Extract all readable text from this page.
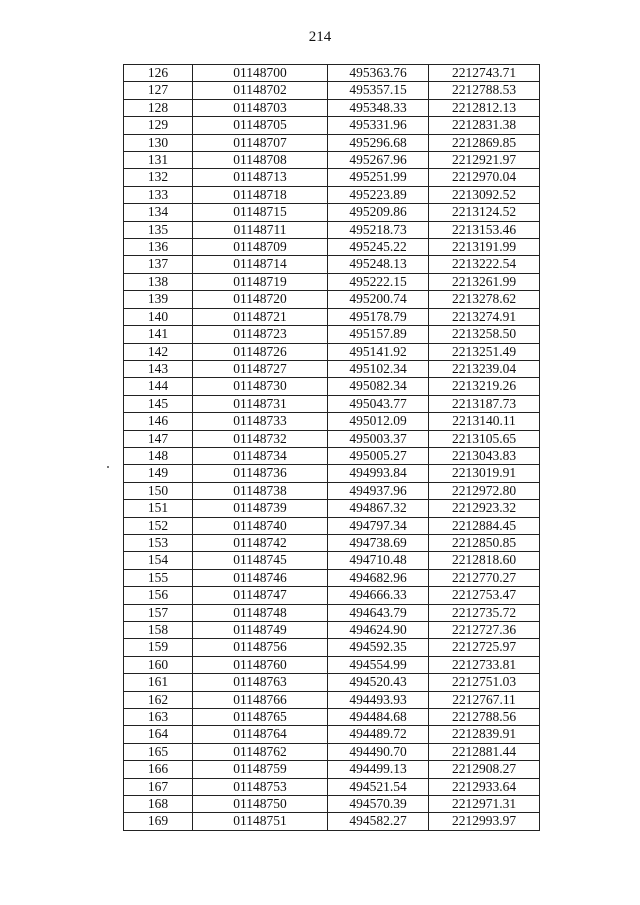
214
126	01148700	495363.76	2212743.71
127	01148702	495357.15	2212788.53
128	01148703	495348.33	2212812.13
129	01148705	495331.96	2212831.38
130	01148707	495296.68	2212869.85
131	01148708	495267.96	2212921.97
132	01148713	495251.99	2212970.04
133	01148718	495223.89	2213092.52
134	01148715	495209.86	2213124.52
135	01148711	495218.73	2213153.46
136	01148709	495245.22	2213191.99
137	01148714	495248.13	2213222.54
138	01148719	495222.15	2213261.99
139	01148720	495200.74	2213278.62
140	01148721	495178.79	2213274.91
141	01148723	495157.89	2213258.50
142	01148726	495141.92	2213251.49
143	01148727	495102.34	2213239.04
144	01148730	495082.34	2213219.26
145	01148731	495043.77	2213187.73
146	01148733	495012.09	2213140.11
147	01148732	495003.37	2213105.65
148	01148734	495005.27	2213043.83
149	01148736	494993.84	2213019.91
150	01148738	494937.96	2212972.80
151	01148739	494867.32	2212923.32
152	01148740	494797.34	2212884.45
153	01148742	494738.69	2212850.85
154	01148745	494710.48	2212818.60
155	01148746	494682.96	2212770.27
156	01148747	494666.33	2212753.47
157	01148748	494643.79	2212735.72
158	01148749	494624.90	2212727.36
159	01148756	494592.35	2212725.97
160	01148760	494554.99	2212733.81
161	01148763	494520.43	2212751.03
162	01148766	494493.93	2212767.11
163	01148765	494484.68	2212788.56
164	01148764	494489.72	2212839.91
165	01148762	494490.70	2212881.44
166	01148759	494499.13	2212908.27
167	01148753	494521.54	2212933.64
168	01148750	494570.39	2212971.31
169	01148751	494582.27	2212993.97
